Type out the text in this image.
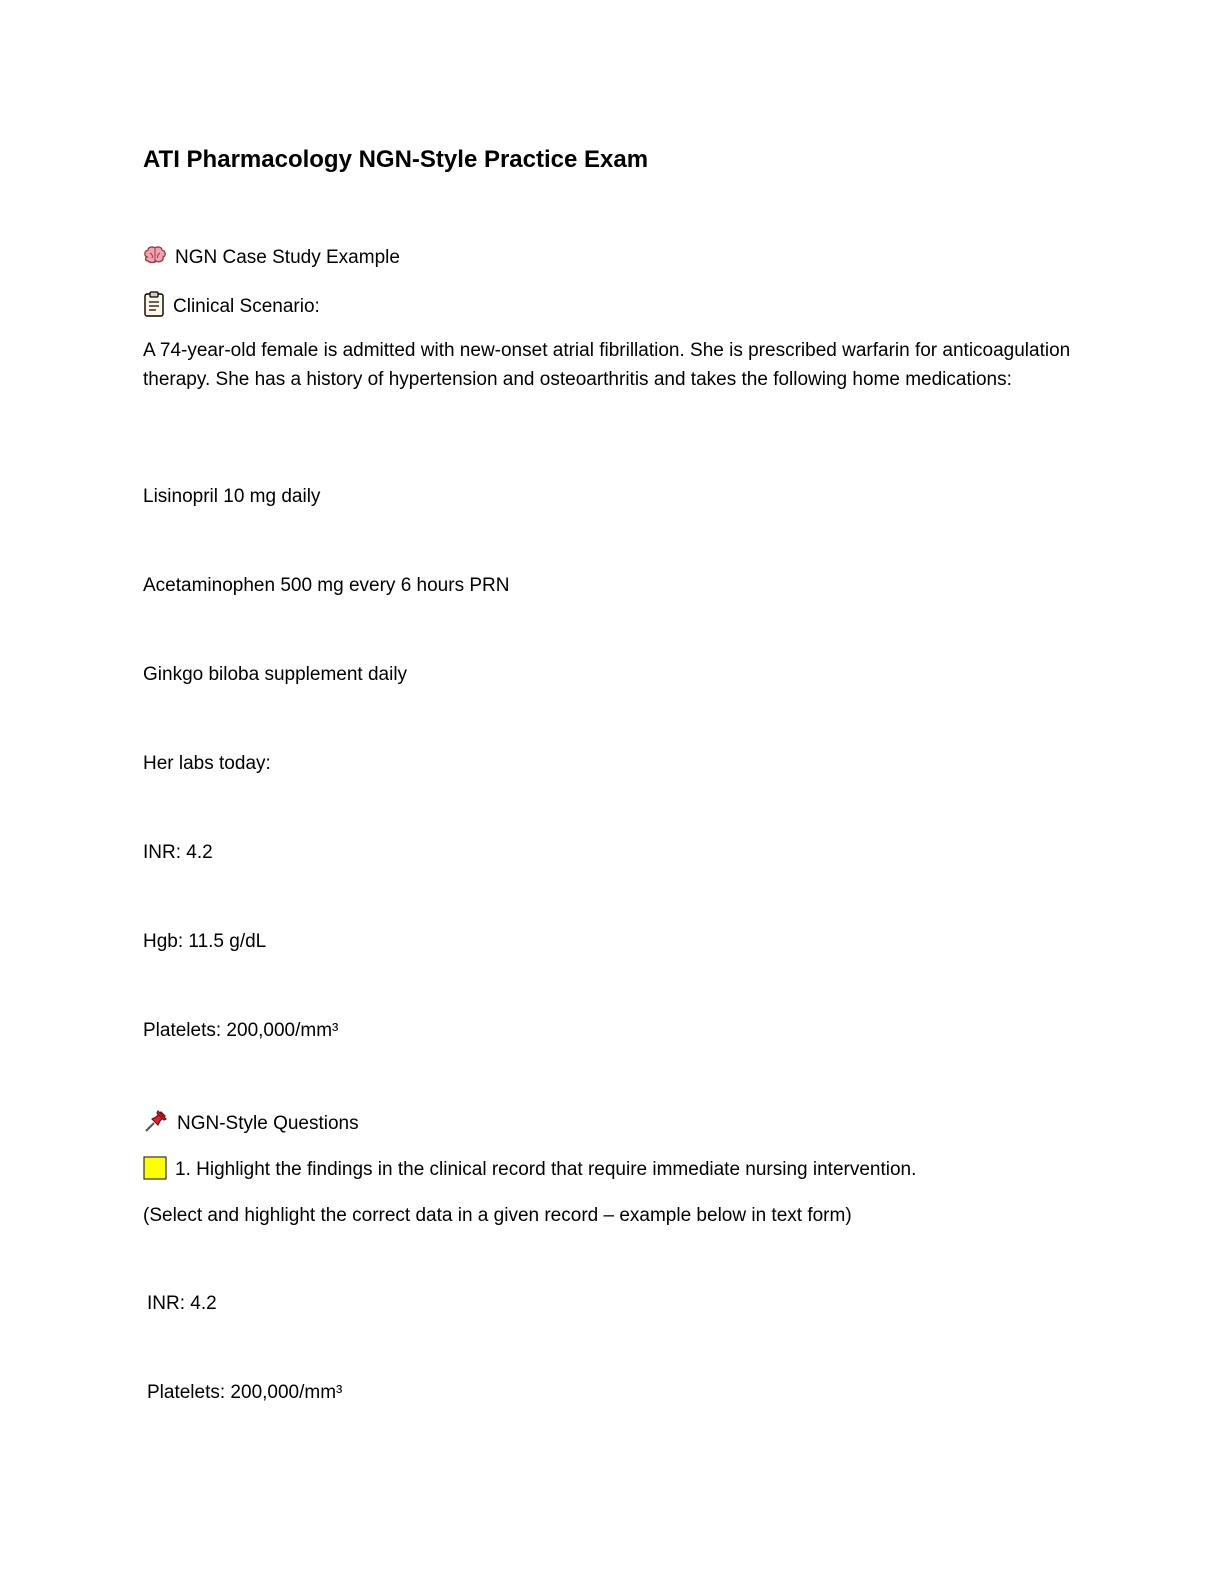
ATI Pharmacology NGN-Style Practice Exam
NGN Case Study Example
Clinical Scenario:
A 74-year-old female is admitted with new-onset atrial fibrillation. She is prescribed warfarin for anticoagulation therapy. She has a history of hypertension and osteoarthritis and takes the following home medications:
Lisinopril 10 mg daily
Acetaminophen 500 mg every 6 hours PRN
Ginkgo biloba supplement daily
Her labs today:
INR: 4.2
Hgb: 11.5 g/dL
Platelets: 200,000/mm³
NGN-Style Questions
1. Highlight the findings in the clinical record that require immediate nursing intervention.
(Select and highlight the correct data in a given record – example below in text form)
INR: 4.2
Platelets: 200,000/mm³
